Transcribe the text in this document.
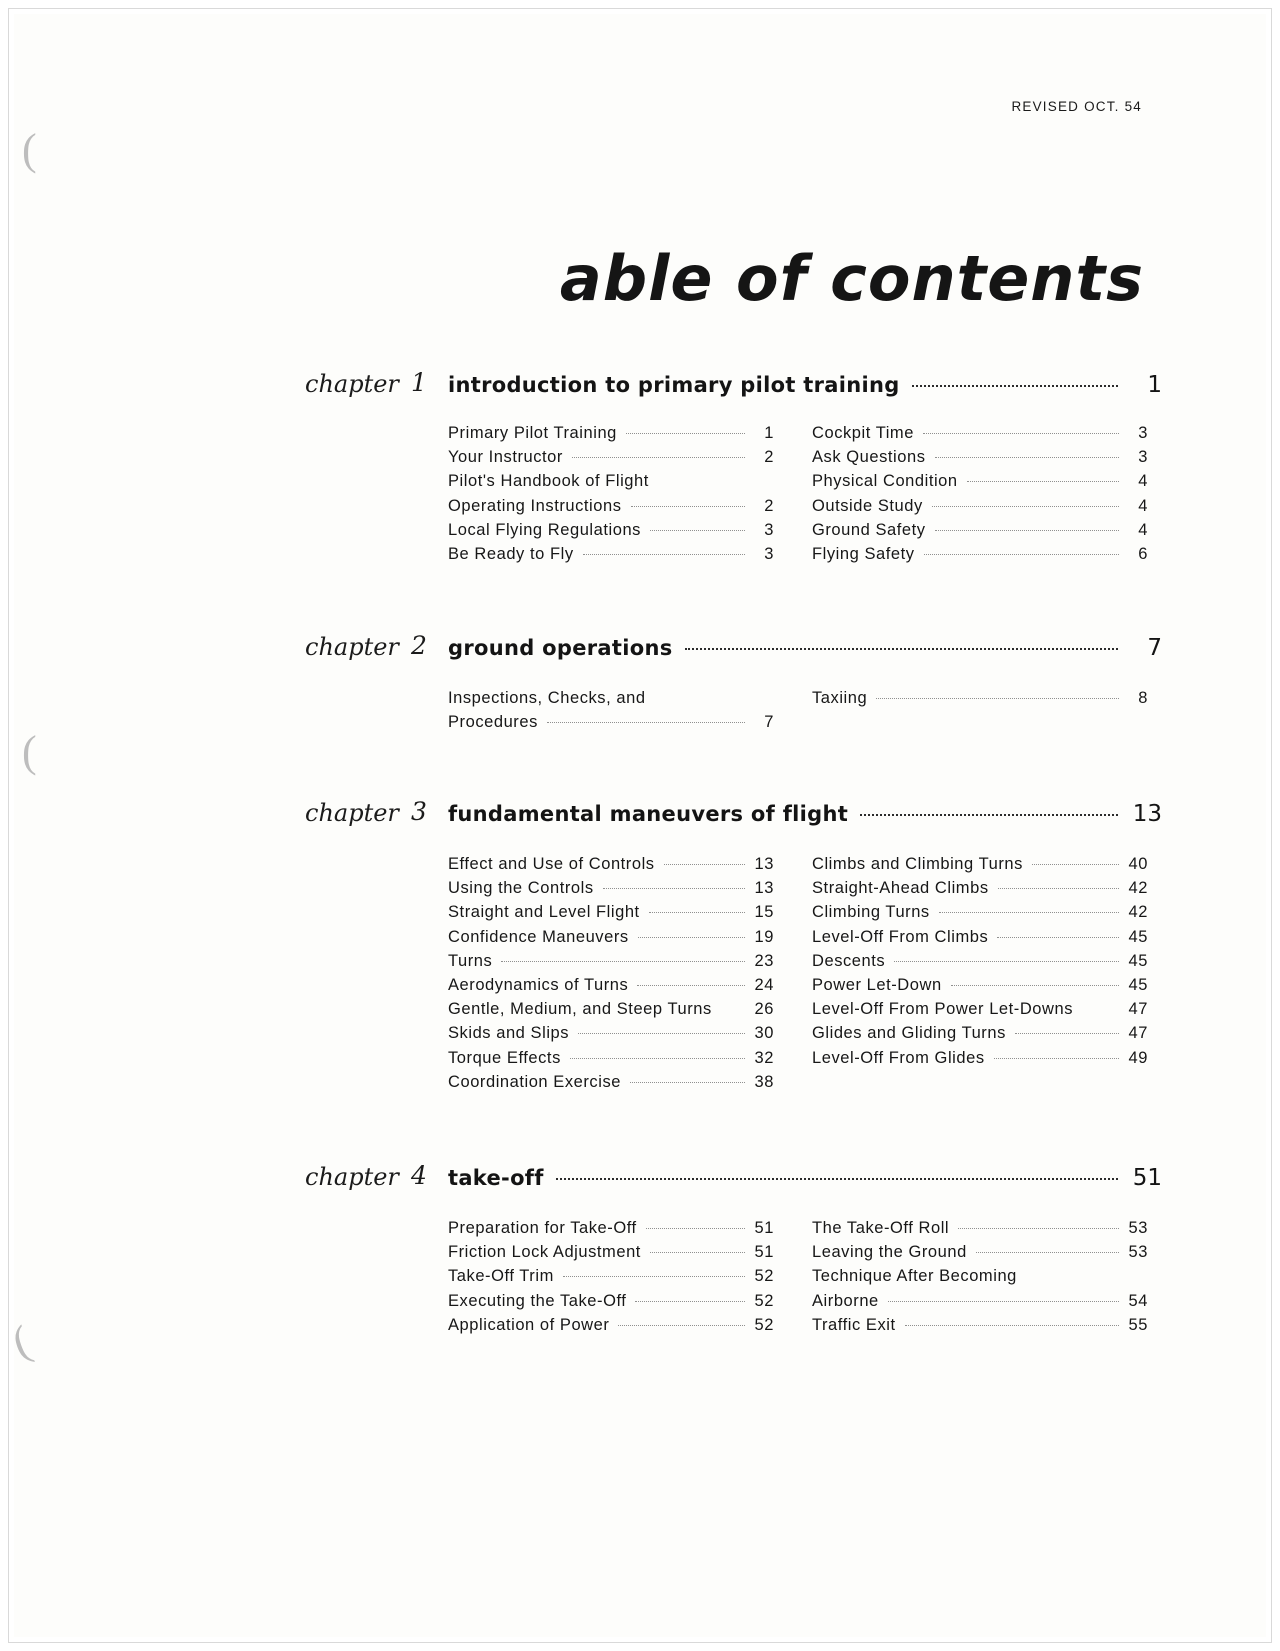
(
(
(
REVISED OCT. 54
able of contents
chapter 1 introduction to primary pilot training	1
Primary Pilot Training	1
Your Instructor	2
Pilot's Handbook of Flight
Operating Instructions	2
Local Flying Regulations	3
Be Ready to Fly	3
Cockpit Time	3
Ask Questions	3
Physical Condition	4
Outside Study	4
Ground Safety	4
Flying Safety	6
chapter 2 ground operations	7
Inspections, Checks, and
Procedures	7
Taxiing	8
chapter 3 fundamental maneuvers of flight	13
Effect and Use of Controls	13
Using the Controls	13
Straight and Level Flight	15
Confidence Maneuvers	19
Turns	23
Aerodynamics of Turns	24
Gentle, Medium, and Steep Turns	26
Skids and Slips	30
Torque Effects	32
Coordination Exercise	38
Climbs and Climbing Turns	40
Straight-Ahead Climbs	42
Climbing Turns	42
Level-Off From Climbs	45
Descents	45
Power Let-Down	45
Level-Off From Power Let-Downs	47
Glides and Gliding Turns	47
Level-Off From Glides	49
chapter 4 take-off	51
Preparation for Take-Off	51
Friction Lock Adjustment	51
Take-Off Trim	52
Executing the Take-Off	52
Application of Power	52
The Take-Off Roll	53
Leaving the Ground	53
Technique After Becoming
Airborne	54
Traffic Exit	55
